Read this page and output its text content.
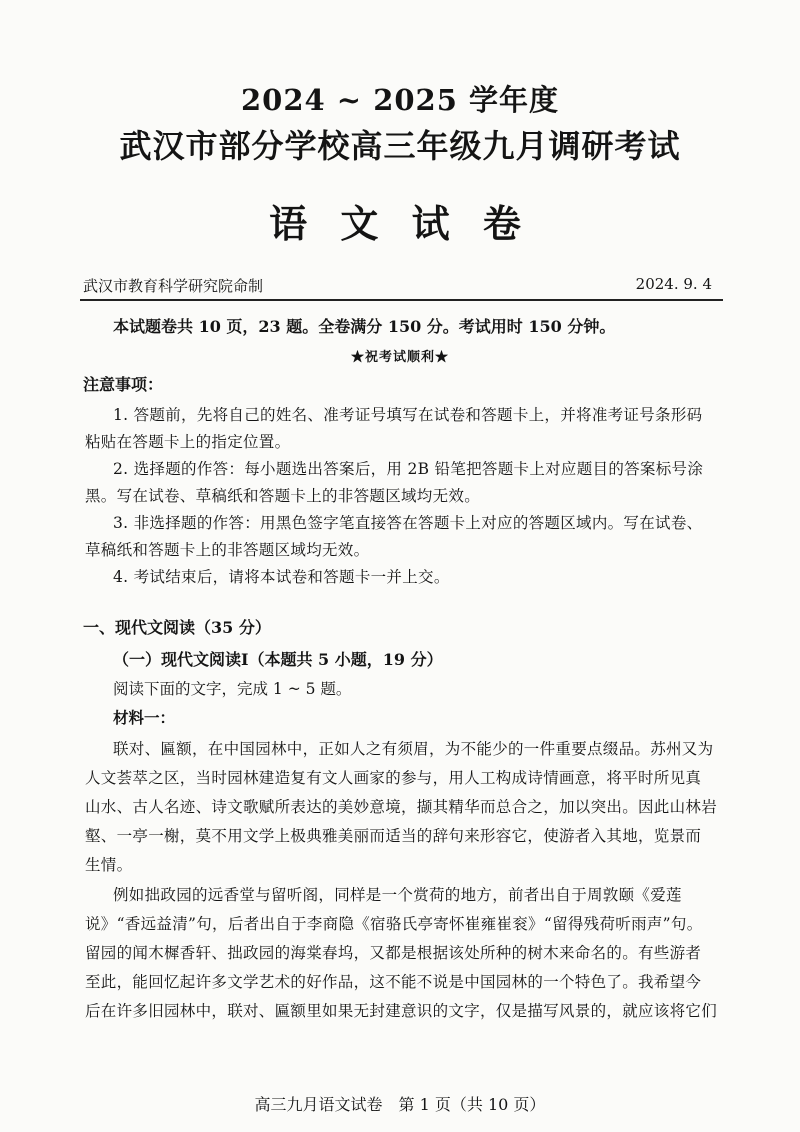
2024 ~ 2025 学年度
武汉市部分学校高三年级九月调研考试
语 文 试 卷
武汉市教育科学研究院命制	2024. 9. 4
本试题卷共 10 页，23 题。全卷满分 150 分。考试用时 150 分钟。
★祝考试顺利★
注意事项：
1. 答题前，先将自己的姓名、准考证号填写在试卷和答题卡上，并将准考证号条形码
粘贴在答题卡上的指定位置。
2. 选择题的作答：每小题选出答案后，用 2B 铅笔把答题卡上对应题目的答案标号涂
黑。写在试卷、草稿纸和答题卡上的非答题区域均无效。
3. 非选择题的作答：用黑色签字笔直接答在答题卡上对应的答题区域内。写在试卷、
草稿纸和答题卡上的非答题区域均无效。
4. 考试结束后，请将本试卷和答题卡一并上交。
一、现代文阅读（35 分）
（一）现代文阅读Ⅰ（本题共 5 小题，19 分）
阅读下面的文字，完成 1 ~ 5 题。
材料一：
联对、匾额，在中国园林中，正如人之有须眉，为不能少的一件重要点缀品。苏州又为
人文荟萃之区，当时园林建造复有文人画家的参与，用人工构成诗情画意，将平时所见真
山水、古人名迹、诗文歌赋所表达的美妙意境，撷其精华而总合之，加以突出。因此山林岩
壑、一亭一榭，莫不用文学上极典雅美丽而适当的辞句来形容它，使游者入其地，览景而
生情。
例如拙政园的远香堂与留听阁，同样是一个赏荷的地方，前者出自于周敦颐《爱莲
说》“香远益清”句，后者出自于李商隐《宿骆氏亭寄怀崔雍崔衮》“留得残荷听雨声”句。
留园的闻木樨香轩、拙政园的海棠春坞，又都是根据该处所种的树木来命名的。有些游者
至此，能回忆起许多文学艺术的好作品，这不能不说是中国园林的一个特色了。我希望今
后在许多旧园林中，联对、匾额里如果无封建意识的文字，仅是描写风景的，就应该将它们
高三九月语文试卷　第 1 页（共 10 页）
